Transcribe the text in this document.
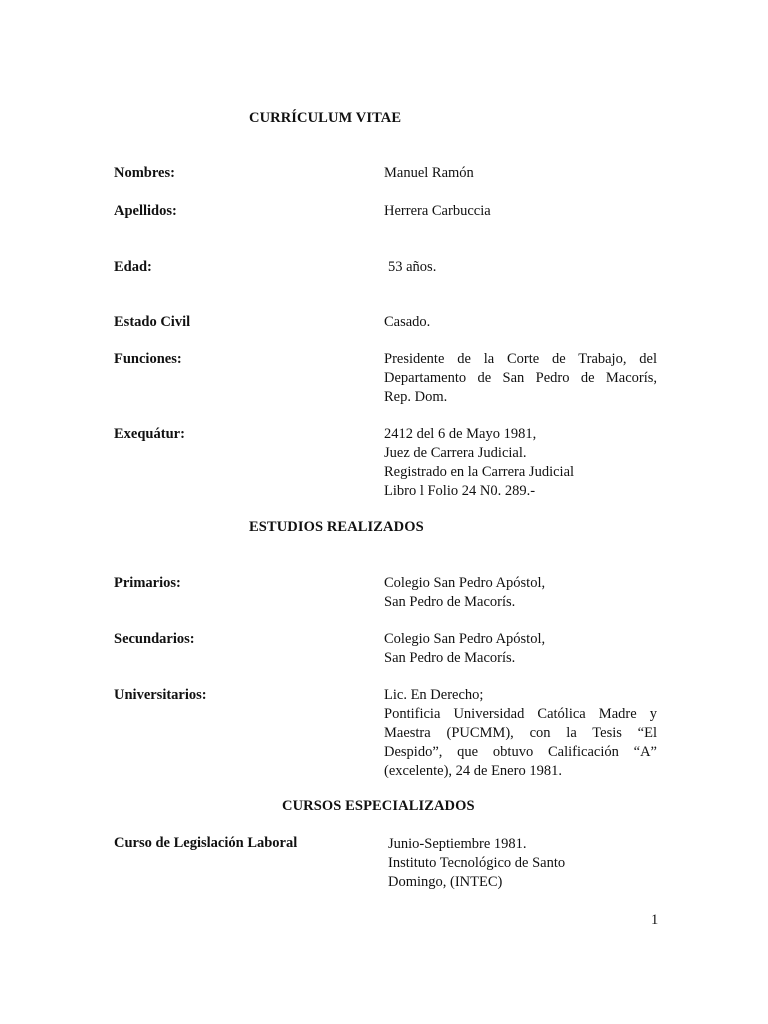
CURRÍCULUM VITAE
Nombres:	Manuel Ramón
Apellidos:	Herrera Carbuccia
Edad:	53 años.
Estado Civil	Casado.
Funciones:	Presidente de la Corte de Trabajo, del
Departamento de San Pedro de Macorís,
Rep. Dom.
Exequátur:	2412 del 6 de Mayo 1981,
Juez de Carrera Judicial.
Registrado en la Carrera Judicial
Libro l Folio 24 N0. 289.-
ESTUDIOS REALIZADOS
Primarios:	Colegio San Pedro Apóstol,
San Pedro de Macorís.
Secundarios:	Colegio San Pedro Apóstol,
San Pedro de Macorís.
Universitarios:	Lic. En Derecho;
Pontificia Universidad Católica Madre y
Maestra (PUCMM), con la Tesis “El
Despido”, que obtuvo Calificación “A”
(excelente), 24 de Enero 1981.
CURSOS ESPECIALIZADOS
Curso de Legislación Laboral	Junio-Septiembre 1981.
Instituto Tecnológico de Santo
Domingo, (INTEC)
1
